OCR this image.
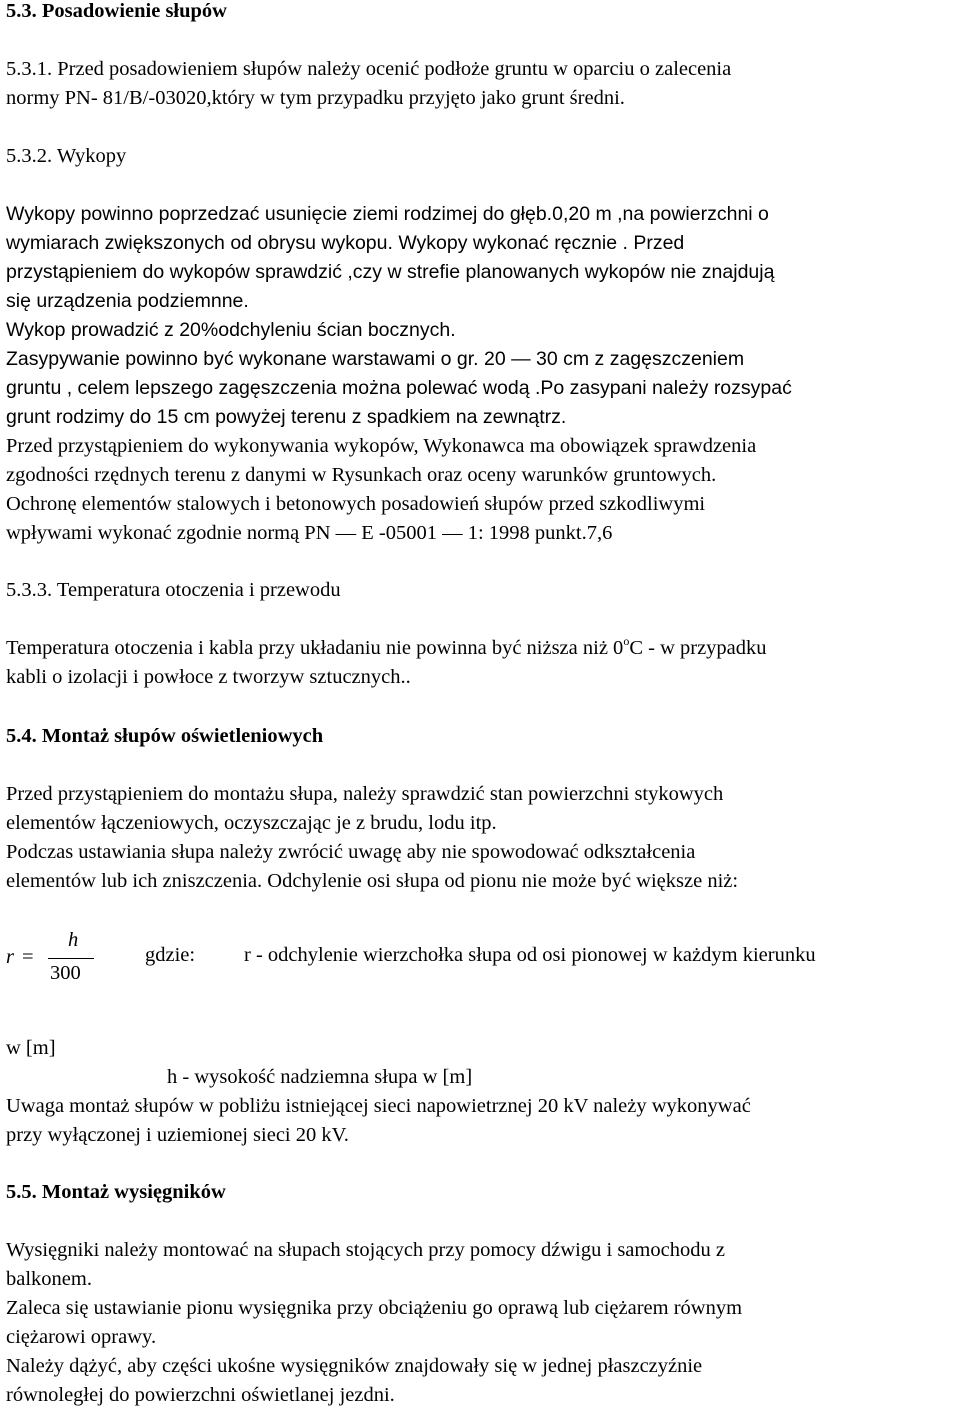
5.3. Posadowienie słupów

5.3.1. Przed posadowieniem słupów należy ocenić podłoże gruntu w oparciu o zalecenia
normy PN- 81/B/-03020,który w tym przypadku przyjęto jako grunt średni.

5.3.2. Wykopy

Wykopy powinno poprzedzać usunięcie ziemi rodzimej do głęb.0,20 m ,na powierzchni o
wymiarach zwiększonych od obrysu wykopu. Wykopy wykonać ręcznie . Przed
przystąpieniem do wykopów sprawdzić ,czy w strefie planowanych wykopów nie znajdują
się urządzenia podziemnne.

Wykop prowadzić z 20%odchyleniu ścian bocznych.

Zasypywanie powinno być wykonane warstawami o gr. 20 — 30 cm z zagęszczeniem
gruntu , celem lepszego zagęszczenia można polewać wodą .Po zasypani należy rozsypać
grunt rodzimy do 15 cm powyżej terenu z spadkiem na zewnątrz.

Przed przystąpieniem do wykonywania wykopów, Wykonawca ma obowiązek sprawdzenia
zgodności rzędnych terenu z danymi w Rysunkach oraz oceny warunków gruntowych.

Ochronę elementów stalowych i betonowych posadowień słupów przed szkodliwymi
wpływami wykonać zgodnie normą PN — E -05001 — 1: 1998 punkt.7,6

5.3.3. Temperatura otoczenia i przewodu

Temperatura otoczenia i kabla przy układaniu nie powinna być niższa niż 0$^o$C - w przypadku
kabli o izolacji i powłoce z tworzyw sztucznych..

5.4. Montaż słupów oświetleniowych

Przed przystąpieniem do montażu słupa, należy sprawdzić stan powierzchni stykowych
elementów łączeniowych, oczyszczając je z brudu, lodu itp.

Podczas ustawiania słupa należy zwrócić uwagę aby nie spowodować odkształcenia
elementów lub ich zniszczenia. Odchylenie osi słupa od pionu nie może być większe niż:

r =
h
300
gdzie: r - odchylenie wierzchołka słupa od osi pionowej w każdym kierunku
w [m]
h - wysokość nadziemna słupa w [m]

Uwaga montaż słupów w pobliżu istniejącej sieci napowietrznej 20 kV należy wykonywać
przy wyłączonej i uziemionej sieci 20 kV.

5.5. Montaż wysięgników

Wysięgniki należy montować na słupach stojących przy pomocy dźwigu i samochodu z
balkonem.

Zaleca się ustawianie pionu wysięgnika przy obciążeniu go oprawą lub ciężarem równym
ciężarowi oprawy.

Należy dążyć, aby części ukośne wysięgników znajdowały się w jednej płaszczyźnie
równoległej do powierzchni oświetlanej jezdni.
